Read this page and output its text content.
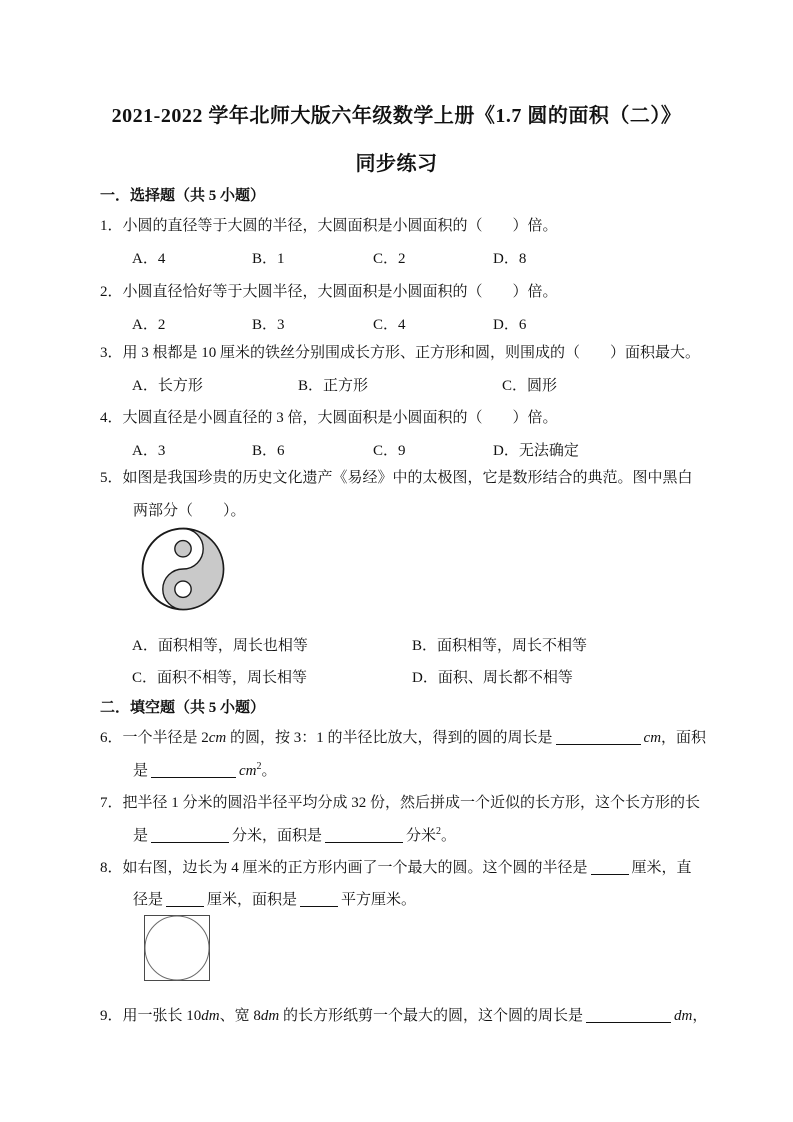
2021-2022 学年北师大版六年级数学上册《1.7 圆的面积（二）》
同步练习
一．选择题（共 5 小题）
1．小圆的直径等于大圆的半径，大圆面积是小圆面积的（　　）倍。
A．4	B．1	C．2	D．8
2．小圆直径恰好等于大圆半径，大圆面积是小圆面积的（　　）倍。
A．2	B．3	C．4	D．6
3．用 3 根都是 10 厘米的铁丝分别围成长方形、正方形和圆，则围成的（　　）面积最大。
A．长方形	B．正方形	C．圆形
4．大圆直径是小圆直径的 3 倍，大圆面积是小圆面积的（　　）倍。
A．3	B．6	C．9	D．无法确定
5．如图是我国珍贵的历史文化遗产《易经》中的太极图，它是数形结合的典范。图中黑白
两部分（　　）。
A．面积相等，周长也相等	B．面积相等，周长不相等
C．面积不相等，周长相等	D．面积、周长都不相等
二．填空题（共 5 小题）
6．一个半径是 2cm 的圆，按 3：1 的半径比放大，得到的圆的周长是	cm，面积
是	$cm^2$。
7．把半径 1 分米的圆沿半径平均分成 32 份，然后拼成一个近似的长方形，这个长方形的长
是	分米，面积是	分米$^2$。
8．如右图，边长为 4 厘米的正方形内画了一个最大的圆。这个圆的半径是	厘米，直
径是	厘米，面积是	平方厘米。
9．用一张长 10dm、宽 8dm 的长方形纸剪一个最大的圆，这个圆的周长是	dm，
